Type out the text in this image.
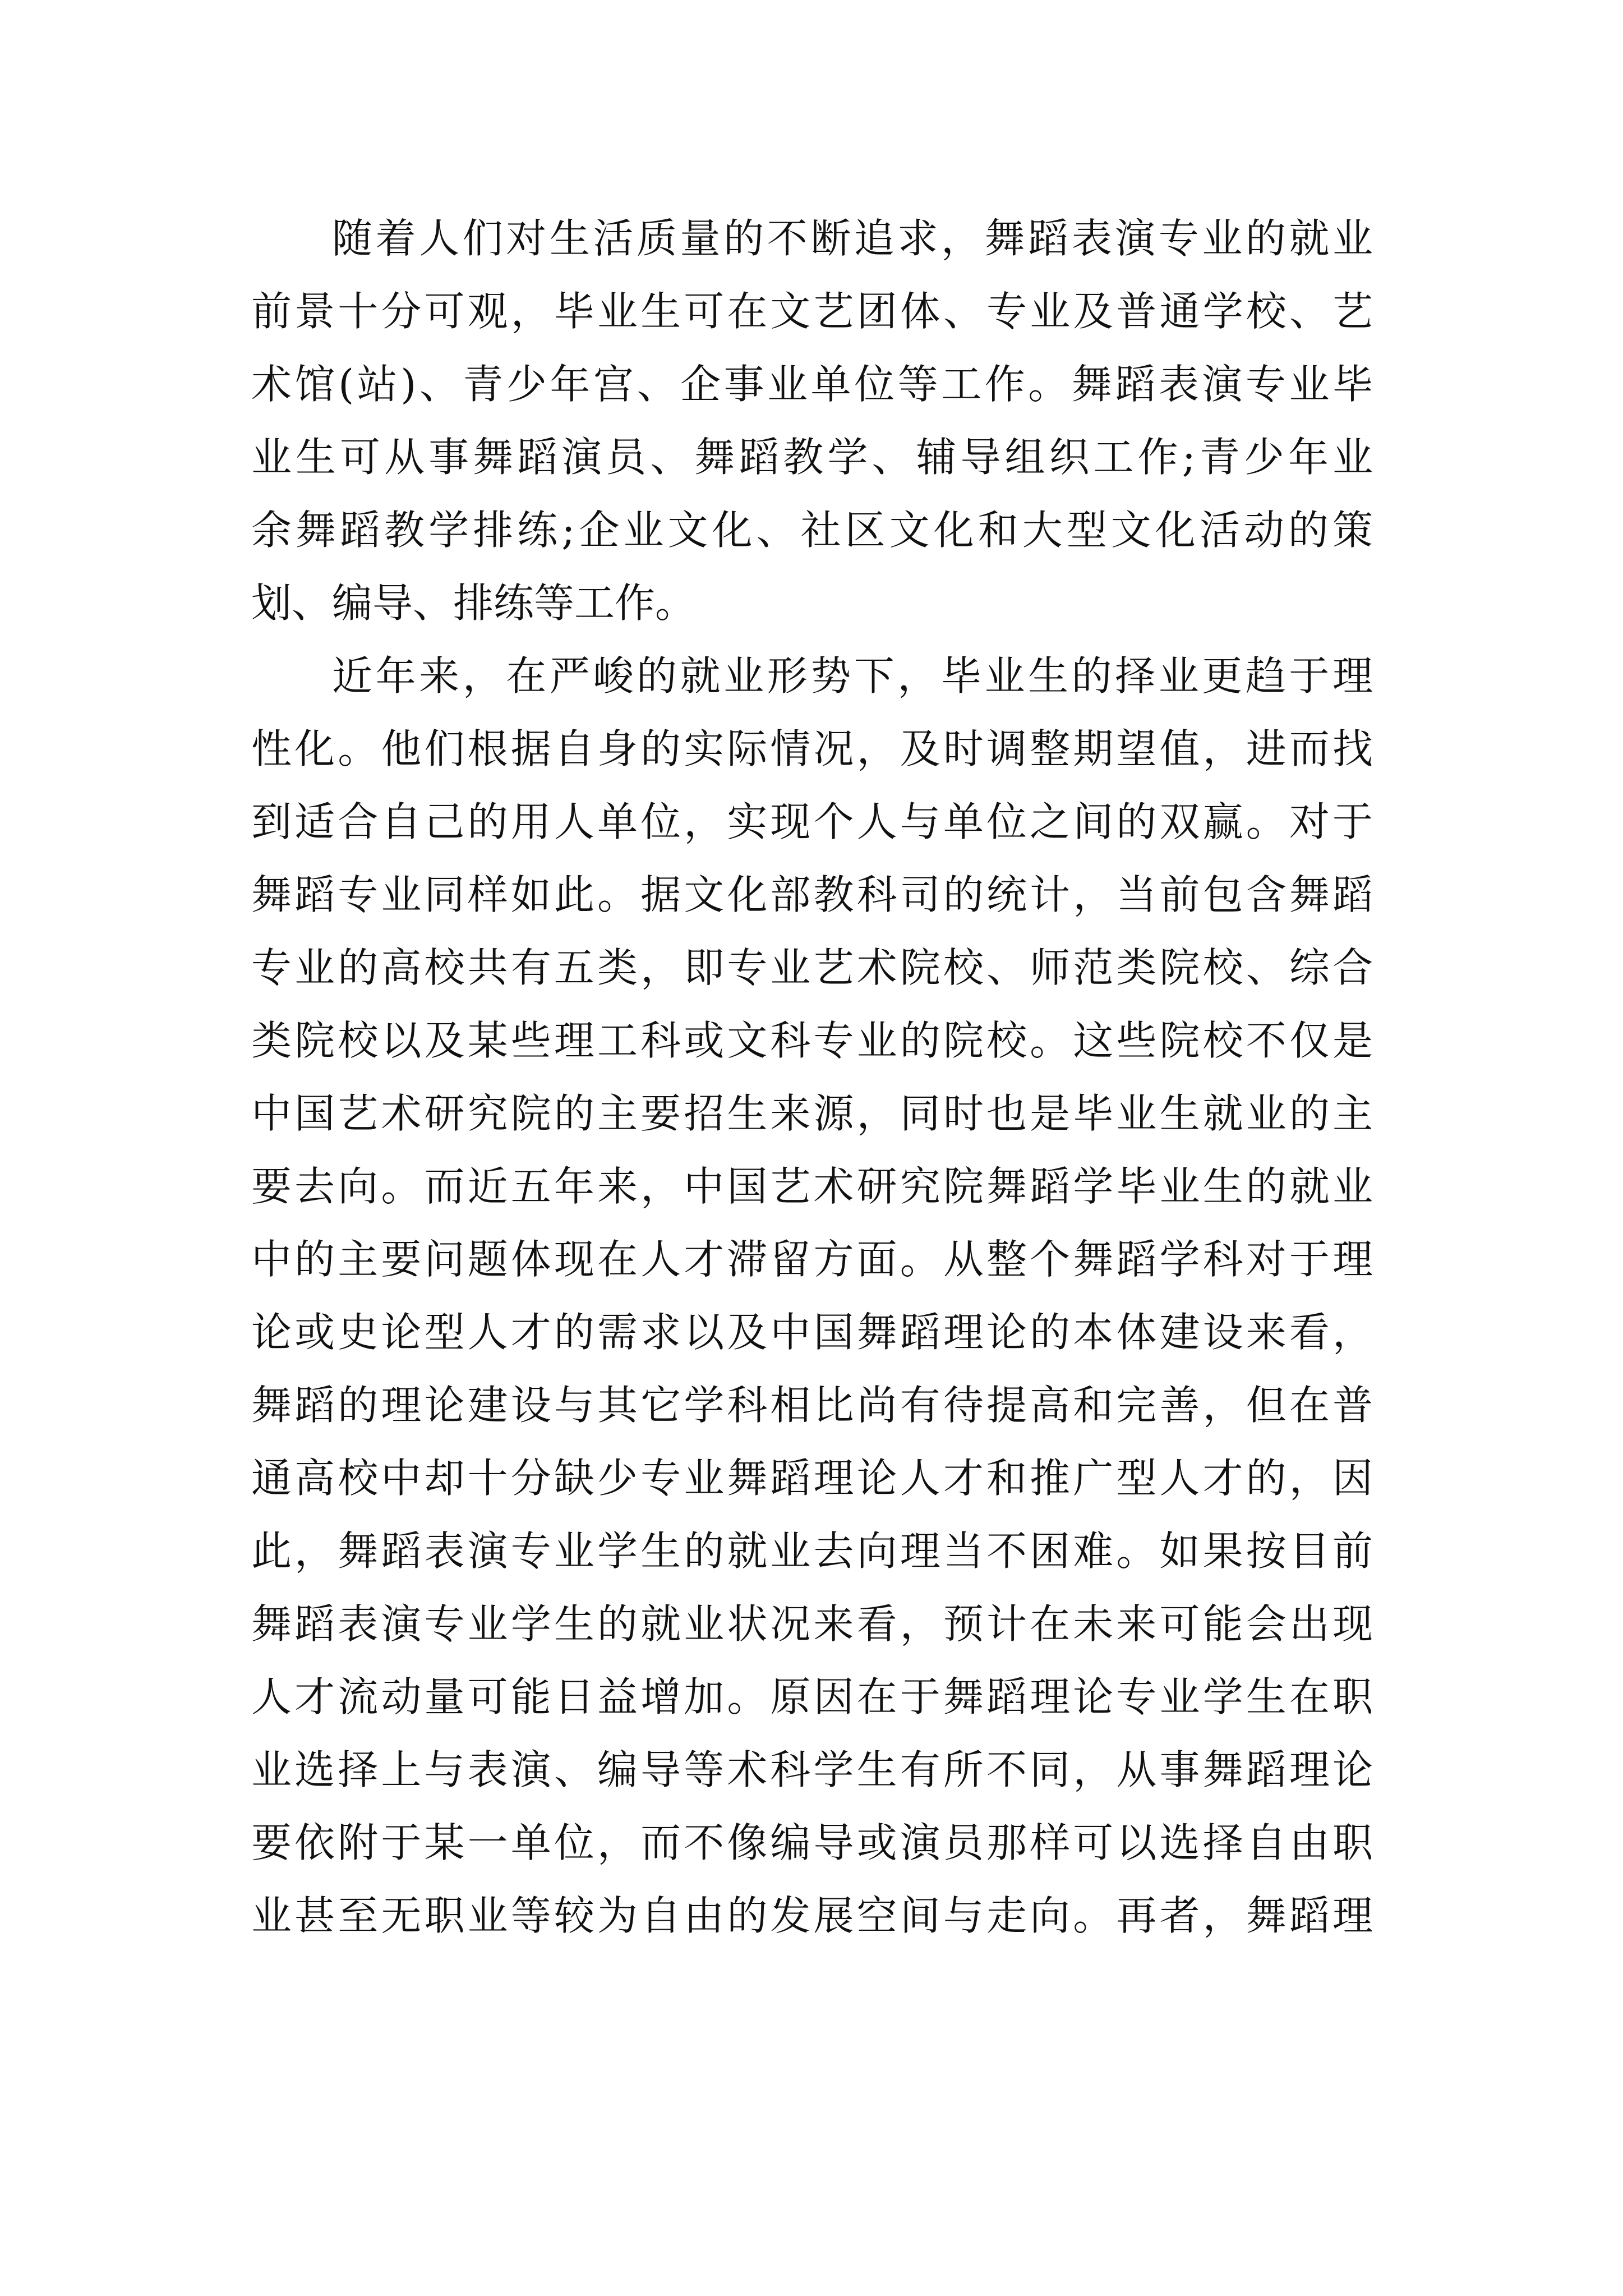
随着人们对生活质量的不断追求，舞蹈表演专业的就业
前景十分可观，毕业生可在文艺团体、专业及普通学校、艺
术馆(站)、青少年宫、企事业单位等工作。舞蹈表演专业毕
业生可从事舞蹈演员、舞蹈教学、辅导组织工作;青少年业
余舞蹈教学排练;企业文化、社区文化和大型文化活动的策
划、编导、排练等工作。

近年来，在严峻的就业形势下，毕业生的择业更趋于理
性化。他们根据自身的实际情况，及时调整期望值，进而找
到适合自己的用人单位，实现个人与单位之间的双赢。对于
舞蹈专业同样如此。据文化部教科司的统计，当前包含舞蹈
专业的高校共有五类，即专业艺术院校、师范类院校、综合
类院校以及某些理工科或文科专业的院校。这些院校不仅是
中国艺术研究院的主要招生来源，同时也是毕业生就业的主
要去向。而近五年来，中国艺术研究院舞蹈学毕业生的就业
中的主要问题体现在人才滞留方面。从整个舞蹈学科对于理
论或史论型人才的需求以及中国舞蹈理论的本体建设来看，
舞蹈的理论建设与其它学科相比尚有待提高和完善，但在普
通高校中却十分缺少专业舞蹈理论人才和推广型人才的，因
此，舞蹈表演专业学生的就业去向理当不困难。如果按目前
舞蹈表演专业学生的就业状况来看，预计在未来可能会出现
人才流动量可能日益增加。原因在于舞蹈理论专业学生在职
业选择上与表演、编导等术科学生有所不同，从事舞蹈理论
要依附于某一单位，而不像编导或演员那样可以选择自由职
业甚至无职业等较为自由的发展空间与走向。再者，舞蹈理
